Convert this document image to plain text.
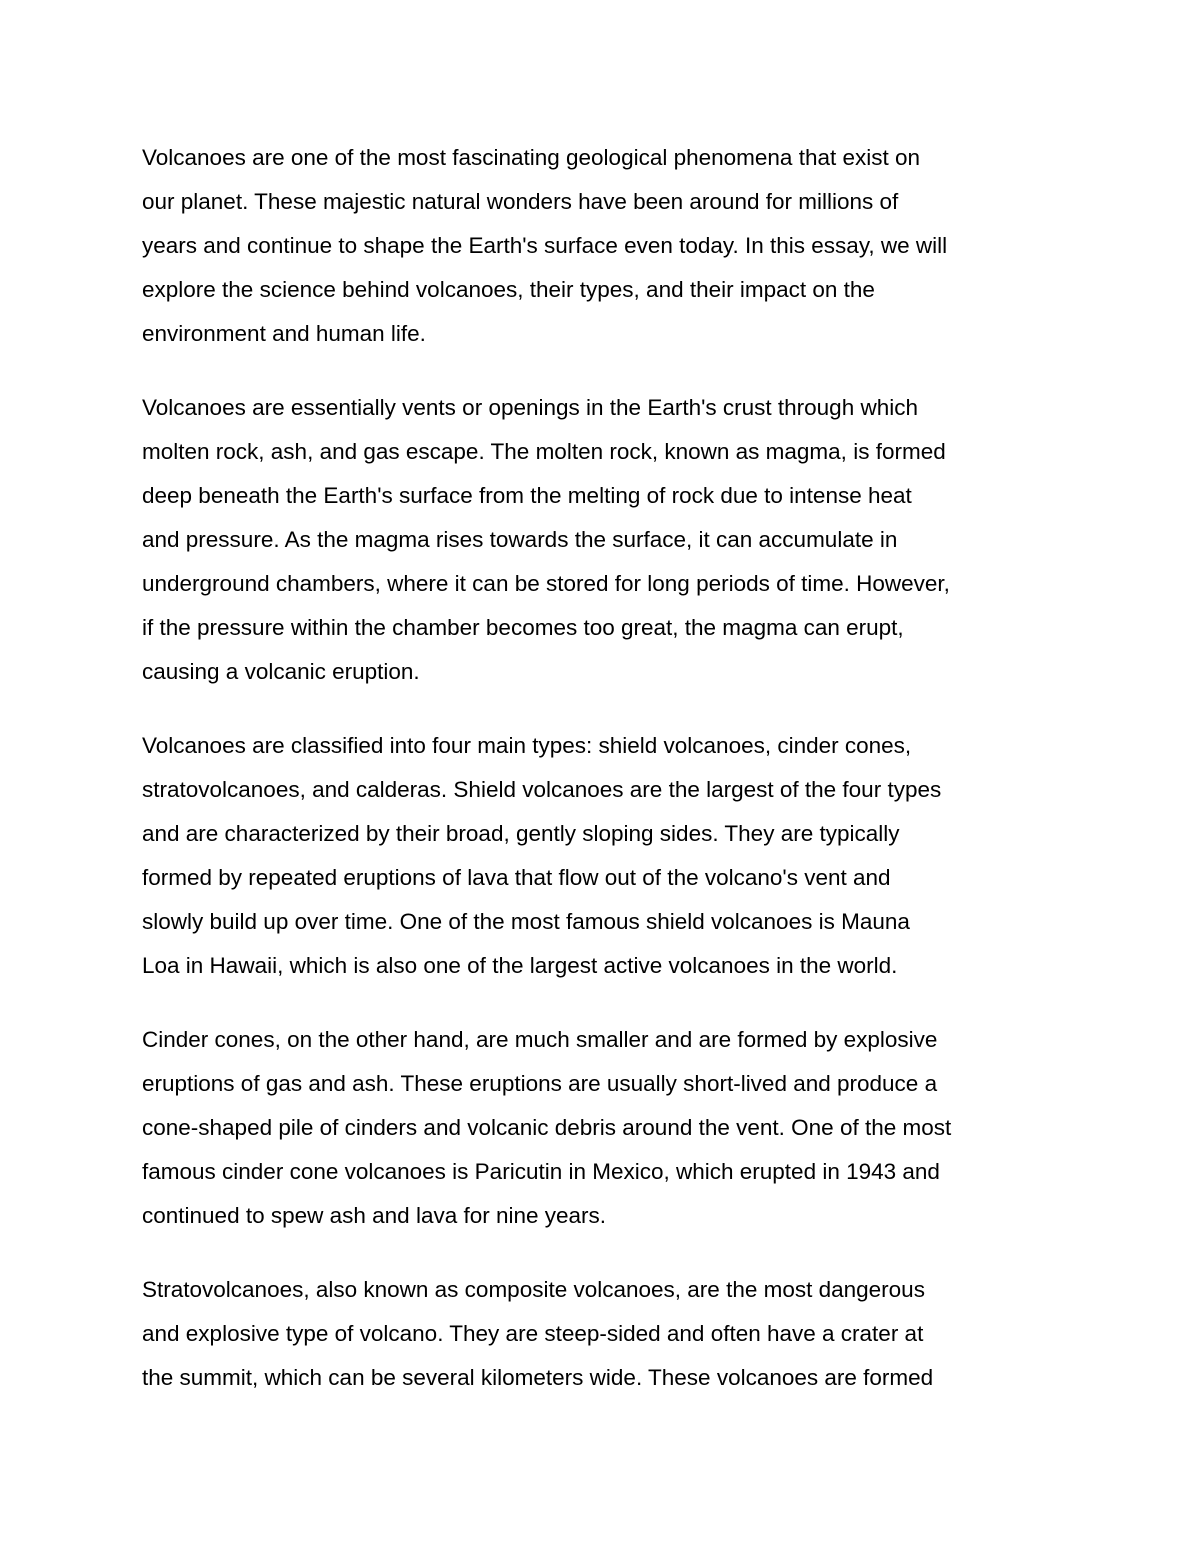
Volcanoes are one of the most fascinating geological phenomena that exist on
our planet. These majestic natural wonders have been around for millions of
years and continue to shape the Earth's surface even today. In this essay, we will
explore the science behind volcanoes, their types, and their impact on the
environment and human life.
Volcanoes are essentially vents or openings in the Earth's crust through which
molten rock, ash, and gas escape. The molten rock, known as magma, is formed
deep beneath the Earth's surface from the melting of rock due to intense heat
and pressure. As the magma rises towards the surface, it can accumulate in
underground chambers, where it can be stored for long periods of time. However,
if the pressure within the chamber becomes too great, the magma can erupt,
causing a volcanic eruption.
Volcanoes are classified into four main types: shield volcanoes, cinder cones,
stratovolcanoes, and calderas. Shield volcanoes are the largest of the four types
and are characterized by their broad, gently sloping sides. They are typically
formed by repeated eruptions of lava that flow out of the volcano's vent and
slowly build up over time. One of the most famous shield volcanoes is Mauna
Loa in Hawaii, which is also one of the largest active volcanoes in the world.
Cinder cones, on the other hand, are much smaller and are formed by explosive
eruptions of gas and ash. These eruptions are usually short-lived and produce a
cone-shaped pile of cinders and volcanic debris around the vent. One of the most
famous cinder cone volcanoes is Paricutin in Mexico, which erupted in 1943 and
continued to spew ash and lava for nine years.
Stratovolcanoes, also known as composite volcanoes, are the most dangerous
and explosive type of volcano. They are steep-sided and often have a crater at
the summit, which can be several kilometers wide. These volcanoes are formed
